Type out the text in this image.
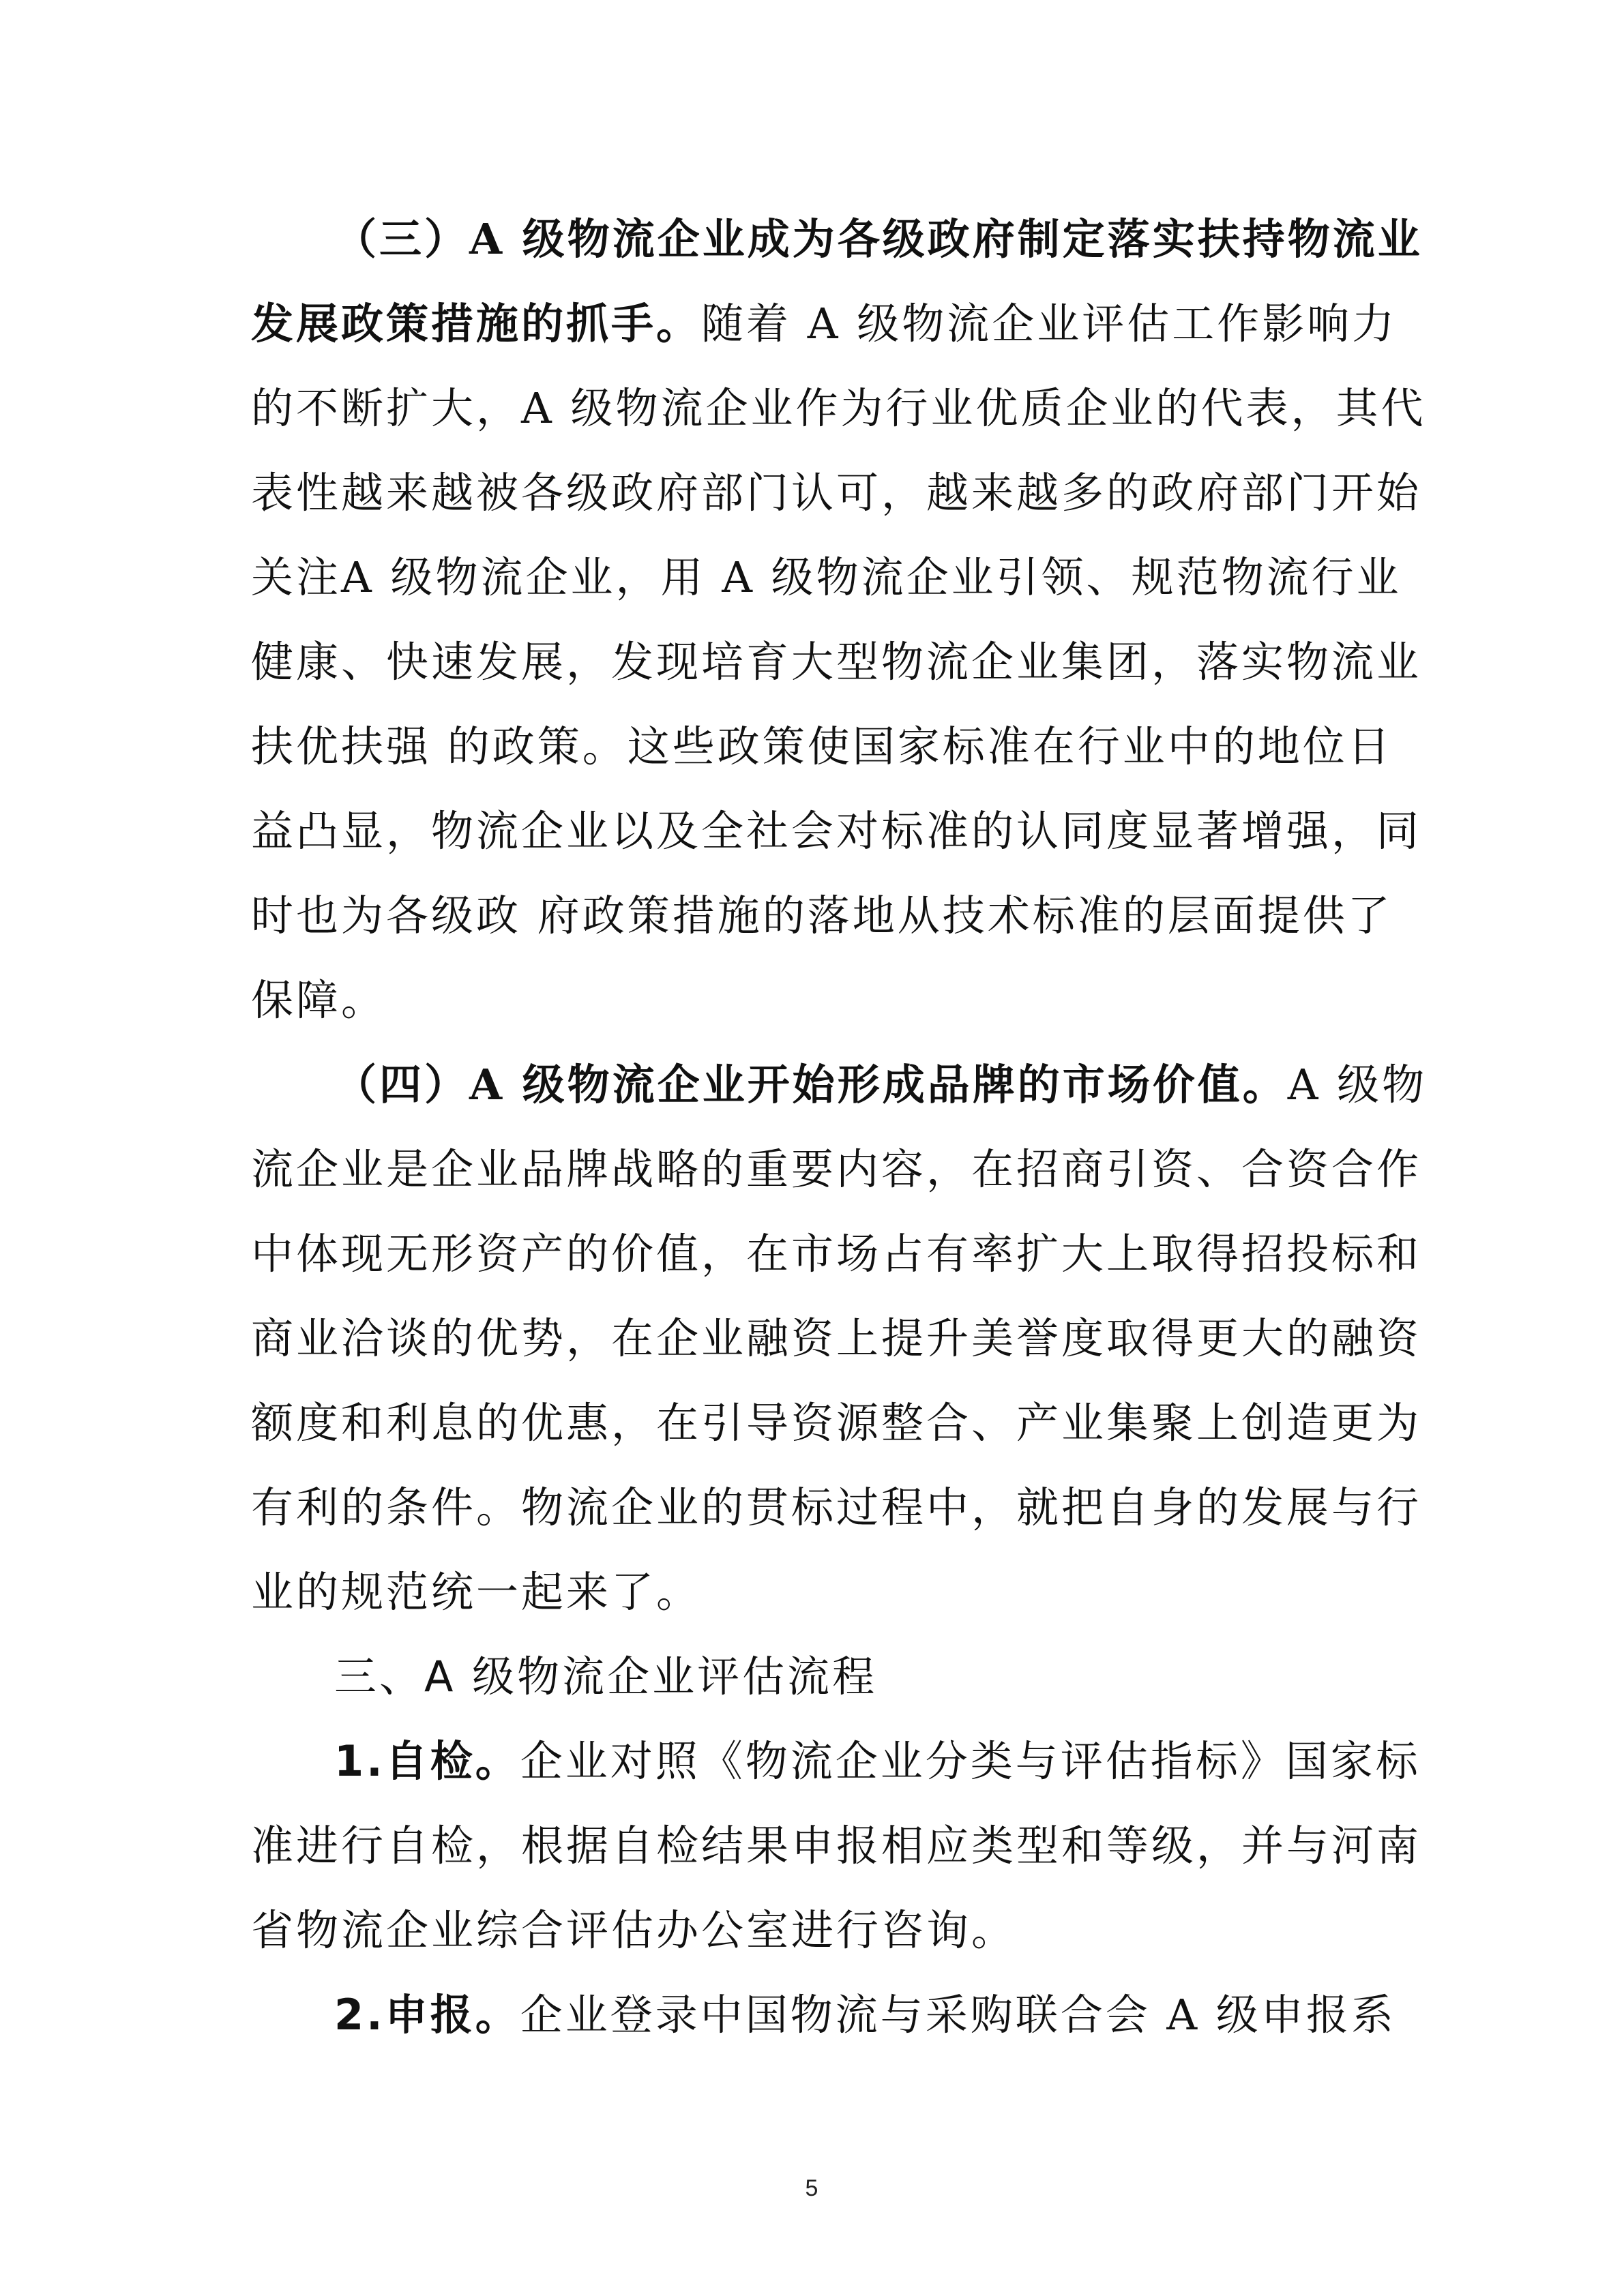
（三）A 级物流企业成为各级政府制定落实扶持物流业
发展政策措施的抓手。随着 A 级物流企业评估工作影响力
的不断扩大，A 级物流企业作为行业优质企业的代表，其代
表性越来越被各级政府部门认可，越来越多的政府部门开始
关注A 级物流企业，用 A 级物流企业引领、规范物流行业
健康、快速发展，发现培育大型物流企业集团，落实物流业
扶优扶强 的政策。这些政策使国家标准在行业中的地位日
益凸显，物流企业以及全社会对标准的认同度显著增强，同
时也为各级政 府政策措施的落地从技术标准的层面提供了
保障。
（四）A 级物流企业开始形成品牌的市场价值。A 级物
流企业是企业品牌战略的重要内容，在招商引资、合资合作
中体现无形资产的价值，在市场占有率扩大上取得招投标和
商业洽谈的优势，在企业融资上提升美誉度取得更大的融资
额度和利息的优惠，在引导资源整合、产业集聚上创造更为
有利的条件。物流企业的贯标过程中，就把自身的发展与行
业的规范统一起来了。
三、A 级物流企业评估流程
1.自检。企业对照《物流企业分类与评估指标》国家标
准进行自检，根据自检结果申报相应类型和等级，并与河南
省物流企业综合评估办公室进行咨询。
2.申报。企业登录中国物流与采购联合会 A 级申报系
5
